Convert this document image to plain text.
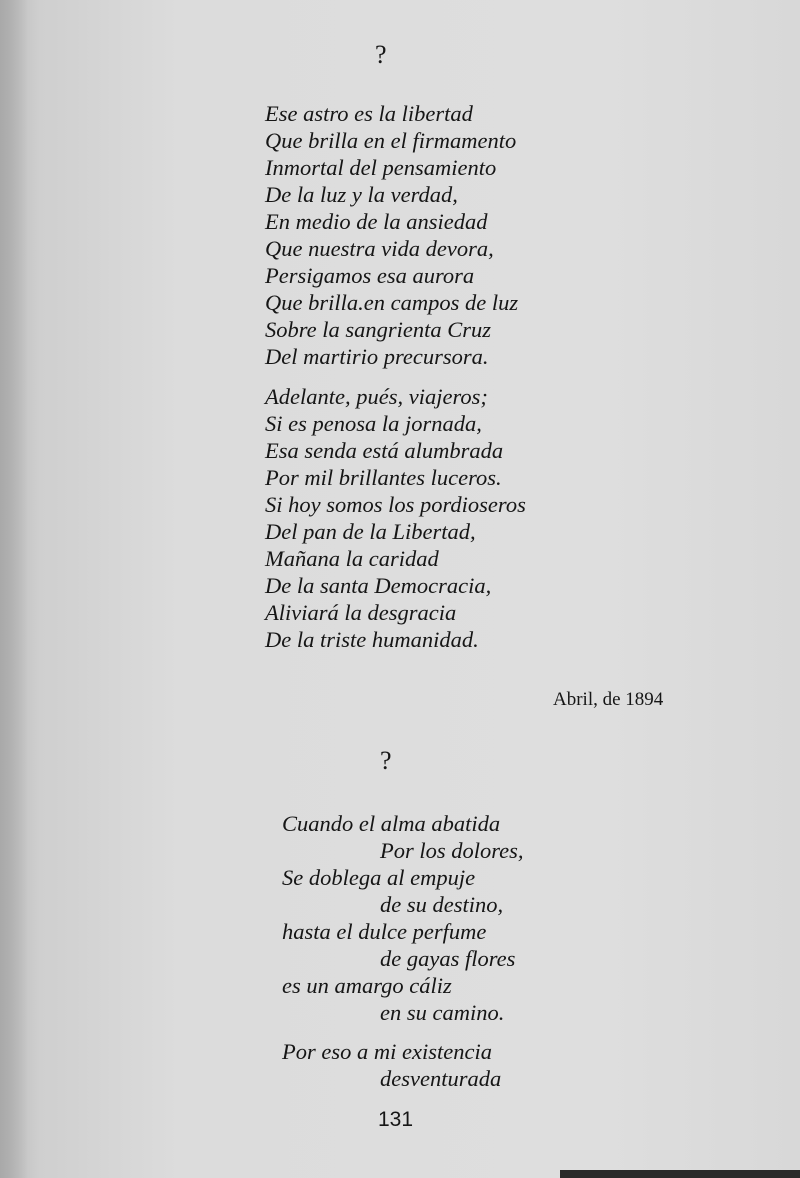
?
Ese astro es la libertad
Que brilla en el firmamento
Inmortal del pensamiento
De la luz y la verdad,
En medio de la ansiedad
Que nuestra vida devora,
Persigamos esa aurora
Que brilla.en campos de luz
Sobre la sangrienta Cruz
Del martirio precursora.
Adelante, pués, viajeros;
Si es penosa la jornada,
Esa senda está alumbrada
Por mil brillantes luceros.
Si hoy somos los pordioseros
Del pan de la Libertad,
Mañana la caridad
De la santa Democracia,
Aliviará la desgracia
De la triste humanidad.
Abril, de 1894
?
Cuando el alma abatida
Por los dolores,
Se doblega al empuje
de su destino,
hasta el dulce perfume
de gayas flores
es un amargo cáliz
en su camino.
Por eso a mi existencia
desventurada
131
